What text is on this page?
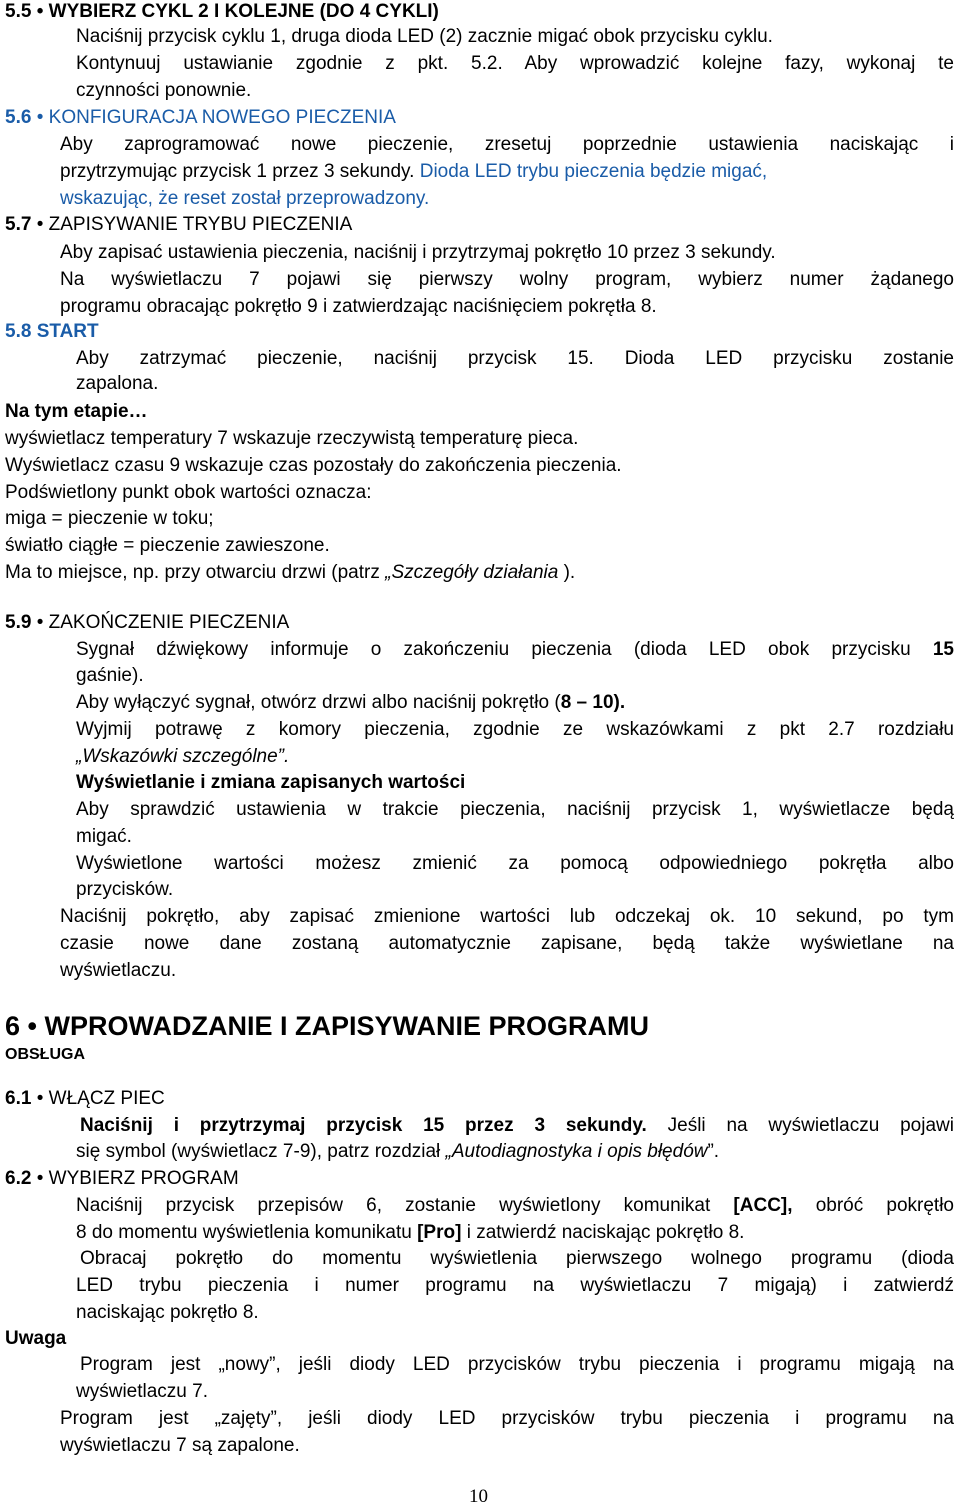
5.5 • WYBIERZ CYKL 2 I KOLEJNE (DO 4 CYKLI)
Naciśnij przycisk cyklu 1, druga dioda LED (2) zacznie migać obok przycisku cyklu.
Kontynuuj ustawianie zgodnie z pkt. 5.2. Aby wprowadzić kolejne fazy, wykonaj te
czynności ponownie.
5.6 • KONFIGURACJA NOWEGO PIECZENIA
Aby zaprogramować nowe pieczenie, zresetuj poprzednie ustawienia naciskając i
przytrzymując przycisk 1 przez 3 sekundy. Dioda LED trybu pieczenia będzie migać,
wskazując, że reset został przeprowadzony.
5.7 • ZAPISYWANIE TRYBU PIECZENIA
Aby zapisać ustawienia pieczenia, naciśnij i przytrzymaj pokrętło 10 przez 3 sekundy.
Na wyświetlaczu 7 pojawi się pierwszy wolny program, wybierz numer żądanego
programu obracając pokrętło 9 i zatwierdzając naciśnięciem pokrętła 8.
5.8 START
Aby zatrzymać pieczenie, naciśnij przycisk 15. Dioda LED przycisku zostanie
zapalona.
Na tym etapie…
wyświetlacz temperatury 7 wskazuje rzeczywistą temperaturę pieca.
Wyświetlacz czasu 9 wskazuje czas pozostały do zakończenia pieczenia.
Podświetlony punkt obok wartości oznacza:
miga = pieczenie w toku;
światło ciągłe = pieczenie zawieszone.
Ma to miejsce, np. przy otwarciu drzwi (patrz „Szczegóły działania ).
5.9 • ZAKOŃCZENIE PIECZENIA
Sygnał dźwiękowy informuje o zakończeniu pieczenia (dioda LED obok przycisku 15
gaśnie).
Aby wyłączyć sygnał, otwórz drzwi albo naciśnij pokrętło (8 – 10).
Wyjmij potrawę z komory pieczenia, zgodnie ze wskazówkami z pkt 2.7 rozdziału
„Wskazówki szczególne”.
Wyświetlanie i zmiana zapisanych wartości
Aby sprawdzić ustawienia w trakcie pieczenia, naciśnij przycisk 1, wyświetlacze będą
migać.
Wyświetlone wartości możesz zmienić za pomocą odpowiedniego pokrętła albo
przycisków.
Naciśnij pokrętło, aby zapisać zmienione wartości lub odczekaj ok. 10 sekund, po tym
czasie nowe dane zostaną automatycznie zapisane, będą także wyświetlane na
wyświetlaczu.
6 • WPROWADZANIE I ZAPISYWANIE PROGRAMU
OBSŁUGA
6.1 • WŁĄCZ PIEC
Naciśnij i przytrzymaj przycisk 15 przez 3 sekundy. Jeśli na wyświetlaczu pojawi
się symbol (wyświetlacz 7-9), patrz rozdział „Autodiagnostyka i opis błędów”.
6.2 • WYBIERZ PROGRAM
Naciśnij przycisk przepisów 6, zostanie wyświetlony komunikat [ACC], obróć pokrętło
8 do momentu wyświetlenia komunikatu [Pro] i zatwierdź naciskając pokrętło 8.
Obracaj pokrętło do momentu wyświetlenia pierwszego wolnego programu (dioda
LED trybu pieczenia i numer programu na wyświetlaczu 7 migają) i zatwierdź
naciskając pokrętło 8.
Uwaga
Program jest „nowy”, jeśli diody LED przycisków trybu pieczenia i programu migają na
wyświetlaczu 7.
Program jest „zajęty”, jeśli diody LED przycisków trybu pieczenia i programu na
wyświetlaczu 7 są zapalone.
10
